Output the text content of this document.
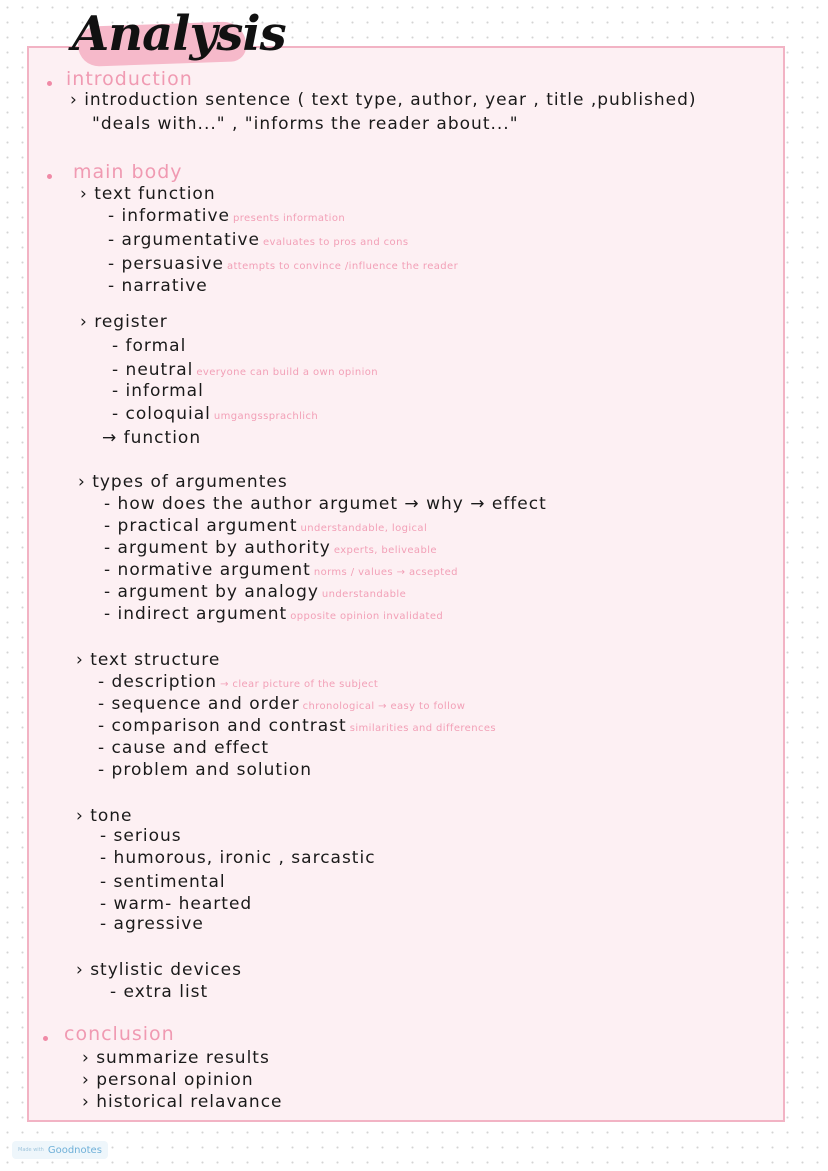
Analysis
introduction
main body
conclusion
› introduction sentence ( text type, author, year , title ,published)
"deals with..." , "informs the reader about..."
› text function
- informative presents information
- argumentative evaluates to pros and cons
- persuasive attempts to convince /influence the reader
- narrative
› register
- formal
- neutral everyone can build a own opinion
- informal
- coloquial umgangssprachlich
→ function
› types of argumentes
- how does the author argumet → why → effect
- practical argument understandable, logical
- argument by authority experts, beliveable
- normative argument norms / values → acsepted
- argument by analogy understandable
- indirect argument opposite opinion invalidated
› text structure
- description → clear picture of the subject
- sequence and order chronological → easy to follow
- comparison and contrast similarities and differences
- cause and effect
- problem and solution
› tone
- serious
- humorous, ironic , sarcastic
- sentimental
- warm- hearted
- agressive
› stylistic devices
- extra list
› summarize results
› personal opinion
› historical relavance
Made with Goodnotes
